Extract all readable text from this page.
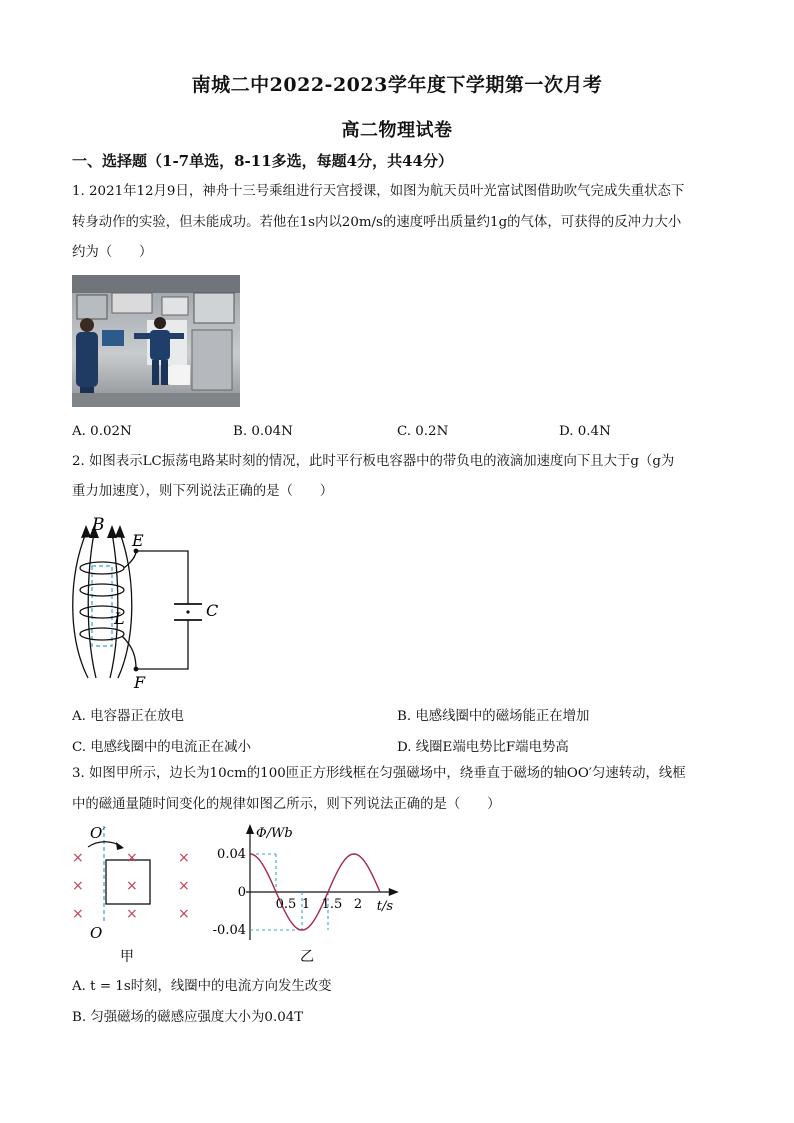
南城二中2022-2023学年度下学期第一次月考
高二物理试卷
一、选择题（1-7单选，8-11多选，每题4分，共44分）
1. 2021年12月9日，神舟十三号乘组进行天宫授课，如图为航天员叶光富试图借助吹气完成失重状态下
转身动作的实验，但未能成功。若他在1s内以20m/s的速度呼出质量约1g的气体，可获得的反冲力大小
约为（　　）
A. 0.02N	B. 0.04N	C. 0.2N	D. 0.4N
2. 如图表示LC振荡电路某时刻的情况，此时平行板电容器中的带负电的液滴加速度向下且大于g（g为
重力加速度），则下列说法正确的是（　　）
B
E
C
L
F
A. 电容器正在放电	B. 电感线圈中的磁场能正在增加
C. 电感线圈中的电流正在减小	D. 线圈E端电势比F端电势高
3. 如图甲所示，边长为10cm的100匝正方形线框在匀强磁场中，绕垂直于磁场的轴OO′匀速转动，线框
中的磁通量随时间变化的规律如图乙所示，则下列说法正确的是（　　）
O′
×	×	×
×	×	×
×	×	×
O
甲
0.04
0
-0.04
0.5 1 1.5 2
Φ/Wb
t/s
乙
A. t = 1s时刻，线圈中的电流方向发生改变
B. 匀强磁场的磁感应强度大小为0.04T
